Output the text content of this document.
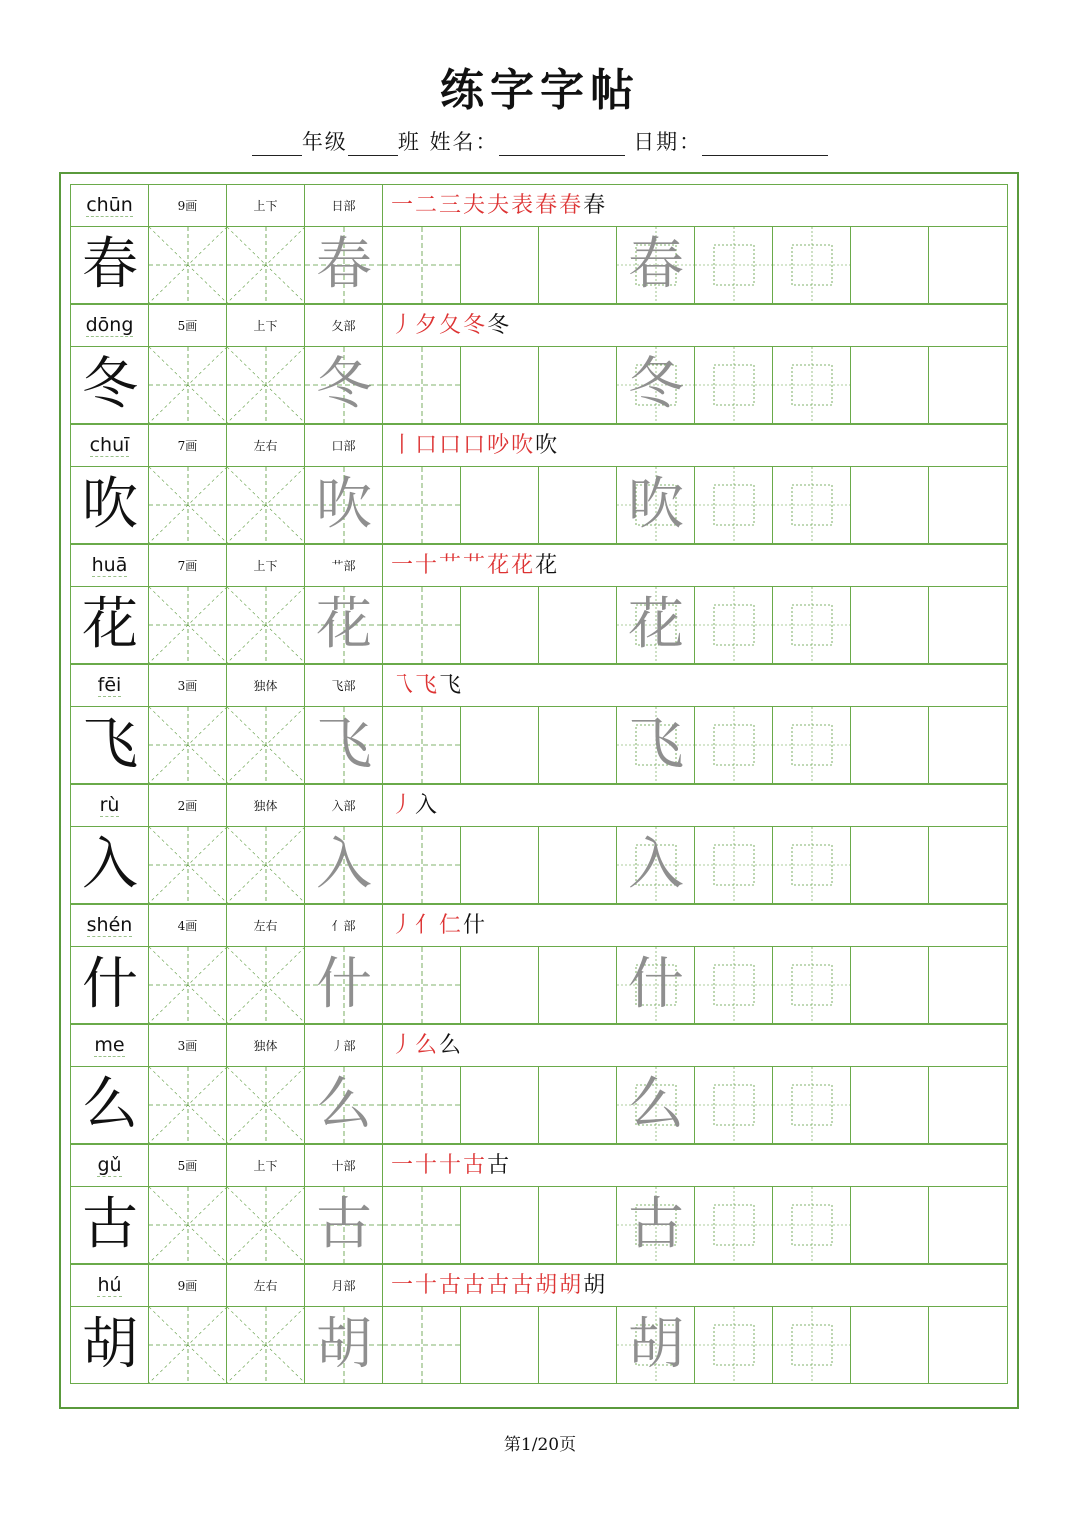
练字字帖
年级 班 姓名：	日期：
chūn	9画	上下	日部	一二三夫夫表春春春
春	春	春
dōng	5画	上下	夂部	丿夕夂冬冬
冬	冬	冬
chuī	7画	左右	口部	丨口口口吵吹吹
吹	吹	吹
huā	7画	上下	艹部	一十艹艹花花花
花	花	花
fēi	3画	独体	飞部	乁飞飞
飞	飞	飞
rù	2画	独体	入部	丿入
入	入	入
shén	4画	左右	亻部	丿亻仁什
什	什	什
me	3画	独体	丿部	丿么么
么	么	么
gǔ	5画	上下	十部	一十十古古
古	古	古
hú	9画	左右	月部	一十古古古古胡胡胡
胡	胡	胡
第1/20页
